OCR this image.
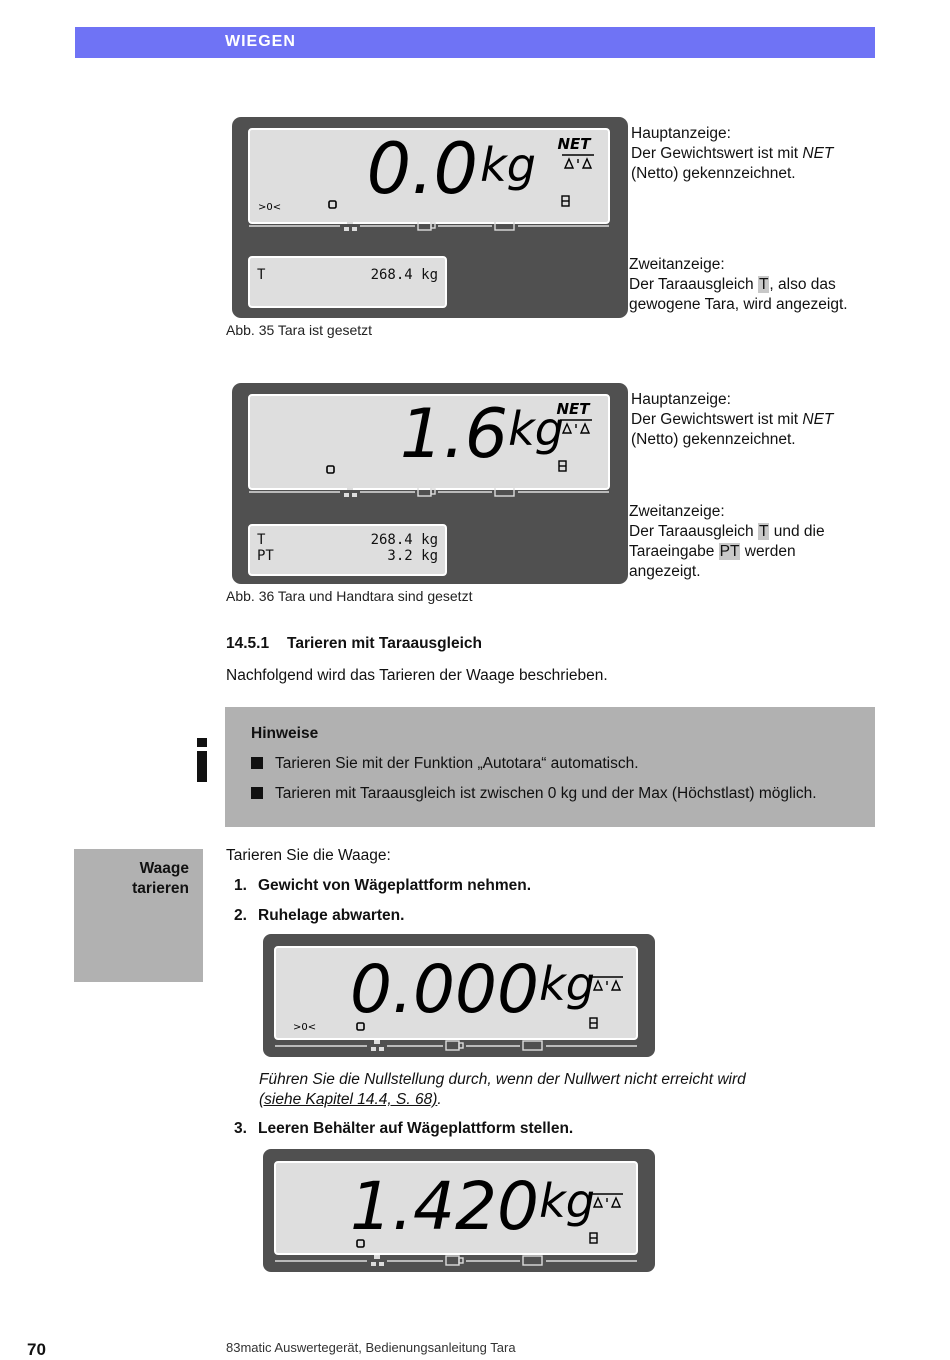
WIEGEN
0.0 kg NET
>0<
T	268.4 kg
Hauptanzeige:
Der Gewichtswert ist mit NET
(Netto) gekennzeichnet.
Zweitanzeige:
Der Taraausgleich T, also das
gewogene Tara, wird angezeigt.
Abb. 35 Tara ist gesetzt
1.6 kg
NET
T	268.4 kg
PT	3.2 kg
Hauptanzeige:
Der Gewichtswert ist mit NET
(Netto) gekennzeichnet.
Zweitanzeige:
Der Taraausgleich T und die
Taraeingabe PT werden
angezeigt.
Abb. 36 Tara und Handtara sind gesetzt
14.5.1 Tarieren mit Taraausgleich
Nachfolgend wird das Tarieren der Waage beschrieben.
Hinweise
Tarieren Sie mit der Funktion „Autotara“ automatisch.
Tarieren mit Taraausgleich ist zwischen 0 kg und der Max (Höchstlast) möglich.
Waage
tarieren
Tarieren Sie die Waage:
1. Gewicht von Wägeplattform nehmen.
2. Ruhelage abwarten.
0.000 kg
>0<
Führen Sie die Nullstellung durch, wenn der Nullwert nicht erreicht wird
(siehe Kapitel 14.4, S. 68).
3. Leeren Behälter auf Wägeplattform stellen.
1.420 kg
70	83matic Auswertegerät, Bedienungsanleitung Tara
